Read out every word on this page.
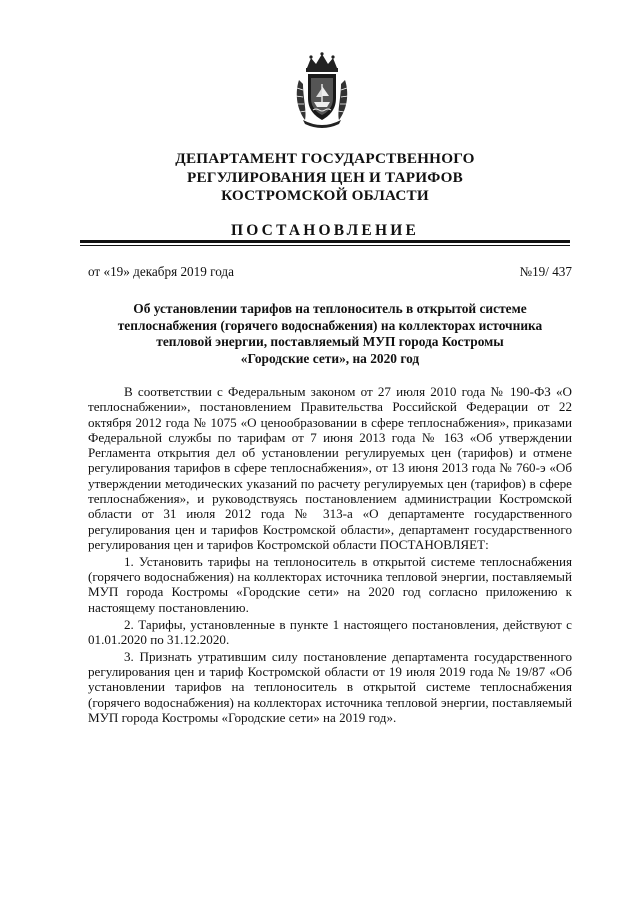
ДЕПАРТАМЕНТ ГОСУДАРСТВЕННОГО
РЕГУЛИРОВАНИЯ ЦЕН И ТАРИФОВ
КОСТРОМСКОЙ ОБЛАСТИ
ПОСТАНОВЛЕНИЕ
от «19» декабря 2019 года	№19/ 437
Об установлении тарифов на теплоноситель в открытой системе
теплоснабжения (горячего водоснабжения) на коллекторах источника
тепловой энергии, поставляемый МУП города Костромы
«Городские сети», на 2020 год

В соответствии с Федеральным законом от 27 июля 2010 года № 190-ФЗ «О теплоснабжении», постановлением Правительства Российской Федерации от 22 октября 2012 года № 1075 «О ценообразовании в сфере теплоснабжения», приказами Федеральной службы по тарифам от 7 июня 2013 года № 163 «Об утверждении Регламента открытия дел об установлении регулируемых цен (тарифов) и отмене регулирования тарифов в сфере теплоснабжения», от 13 июня 2013 года № 760-э «Об утверждении методических указаний по расчету регулируемых цен (тарифов) в сфере теплоснабжения», и руководствуясь постановлением администрации Костромской области от 31 июля 2012 года № 313-а «О департаменте государственного регулирования цен и тарифов Костромской области», департамент государственного регулирования цен и тарифов Костромской области ПОСТАНОВЛЯЕТ:

1. Установить тарифы на теплоноситель в открытой системе теплоснабжения (горячего водоснабжения) на коллекторах источника тепловой энергии, поставляемый МУП города Костромы «Городские сети» на 2020 год согласно приложению к настоящему постановлению.

2. Тарифы, установленные в пункте 1 настоящего постановления, действуют с 01.01.2020 по 31.12.2020.

3. Признать утратившим силу постановление департамента государственного регулирования цен и тариф Костромской области от 19 июля 2019 года № 19/87 «Об установлении тарифов на теплоноситель в открытой системе теплоснабжения (горячего водоснабжения) на коллекторах источника тепловой энергии, поставляемый МУП города Костромы «Городские сети» на 2019 год».
